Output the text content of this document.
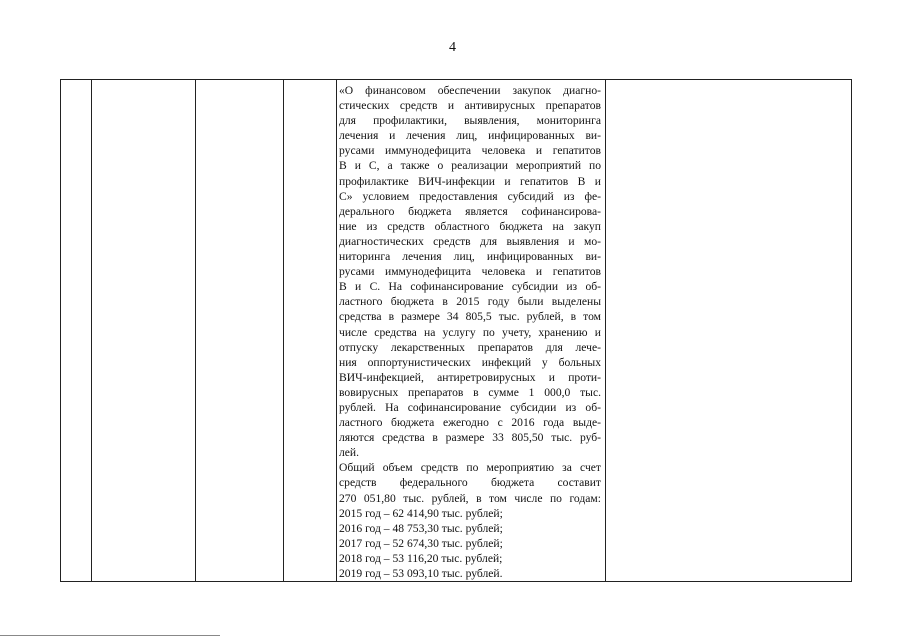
4
«О финансовом обеспечении закупок диагно-
стических средств и антивирусных препаратов
для профилактики, выявления, мониторинга
лечения и лечения лиц, инфицированных ви-
русами иммунодефицита человека и гепатитов
В и С, а также о реализации мероприятий по
профилактике ВИЧ-инфекции и гепатитов В и
С» условием предоставления субсидий из фе-
дерального бюджета является софинансирова-
ние из средств областного бюджета на закуп
диагностических средств для выявления и мо-
ниторинга лечения лиц, инфицированных ви-
русами иммунодефицита человека и гепатитов
В и С. На софинансирование субсидии из об-
ластного бюджета в 2015 году были выделены
средства в размере 34 805,5 тыс. рублей, в том
числе средства на услугу по учету, хранению и
отпуску лекарственных препаратов для лече-
ния оппортунистических инфекций у больных
ВИЧ-инфекцией, антиретровирусных и проти-
вовирусных препаратов в сумме 1 000,0 тыс.
рублей. На софинансирование субсидии из об-
ластного бюджета ежегодно с 2016 года выде-
ляются средства в размере 33 805,50 тыс. руб-
лей.
Общий объем средств по мероприятию за счет
средств федерального бюджета составит
270 051,80 тыс. рублей, в том числе по годам:
2015 год – 62 414,90 тыс. рублей;
2016 год – 48 753,30 тыс. рублей;
2017 год – 52 674,30 тыс. рублей;
2018 год – 53 116,20 тыс. рублей;
2019 год – 53 093,10 тыс. рублей.
